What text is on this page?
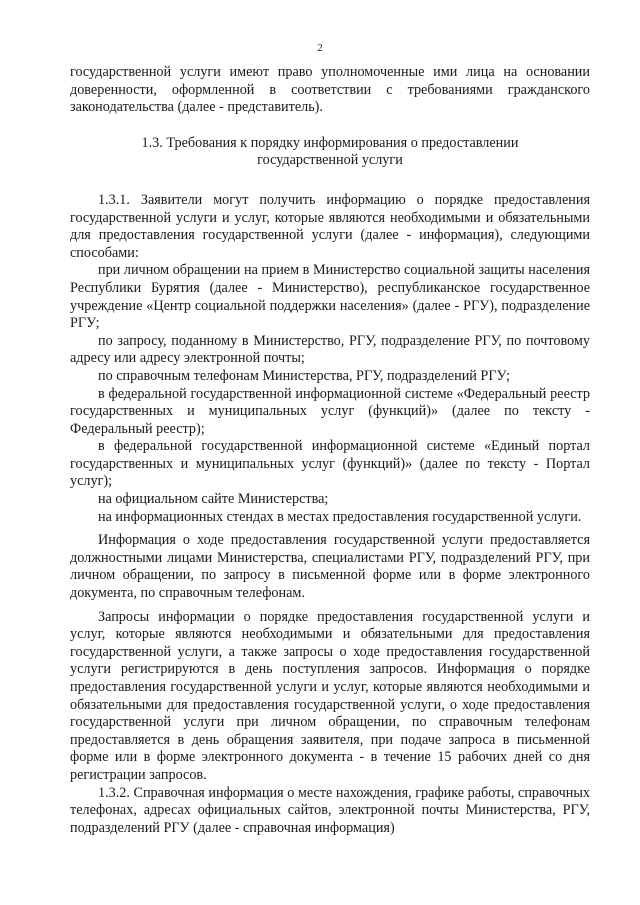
2

государственной услуги имеют право уполномоченные ими лица на основании доверенности, оформленной в соответствии с требованиями гражданского законодательства (далее - представитель).

1.3. Требования к порядку информирования о предоставлении государственной услуги

1.3.1. Заявители могут получить информацию о порядке предоставления государственной услуги и услуг, которые являются необходимыми и обязательными для предоставления государственной услуги (далее - информация), следующими способами:

при личном обращении на прием в Министерство социальной защиты населения Республики Бурятия (далее - Министерство), республиканское государственное учреждение «Центр социальной поддержки населения» (далее - РГУ), подразделение РГУ;

по запросу, поданному в Министерство, РГУ, подразделение РГУ, по почтовому адресу или адресу электронной почты;

по справочным телефонам Министерства, РГУ, подразделений РГУ;

в федеральной государственной информационной системе «Федеральный реестр государственных и муниципальных услуг (функций)» (далее по тексту - Федеральный реестр);

в федеральной государственной информационной системе «Единый портал государственных и муниципальных услуг (функций)» (далее по тексту - Портал услуг);

на официальном сайте Министерства;

на информационных стендах в местах предоставления государственной услуги.

Информация о ходе предоставления государственной услуги предоставляется должностными лицами Министерства, специалистами РГУ, подразделений РГУ, при личном обращении, по запросу в письменной форме или в форме электронного документа, по справочным телефонам.

Запросы информации о порядке предоставления государственной услуги и услуг, которые являются необходимыми и обязательными для предоставления государственной услуги, а также запросы о ходе предоставления государственной услуги регистрируются в день поступления запросов. Информация о порядке предоставления государственной услуги и услуг, которые являются необходимыми и обязательными для предоставления государственной услуги, о ходе предоставления государственной услуги при личном обращении, по справочным телефонам предоставляется в день обращения заявителя, при подаче запроса в письменной форме или в форме электронного документа - в течение 15 рабочих дней со дня регистрации запросов.

1.3.2. Справочная информация о месте нахождения, графике работы, справочных телефонах, адресах официальных сайтов, электронной почты Министерства, РГУ, подразделений РГУ (далее - справочная информация)
